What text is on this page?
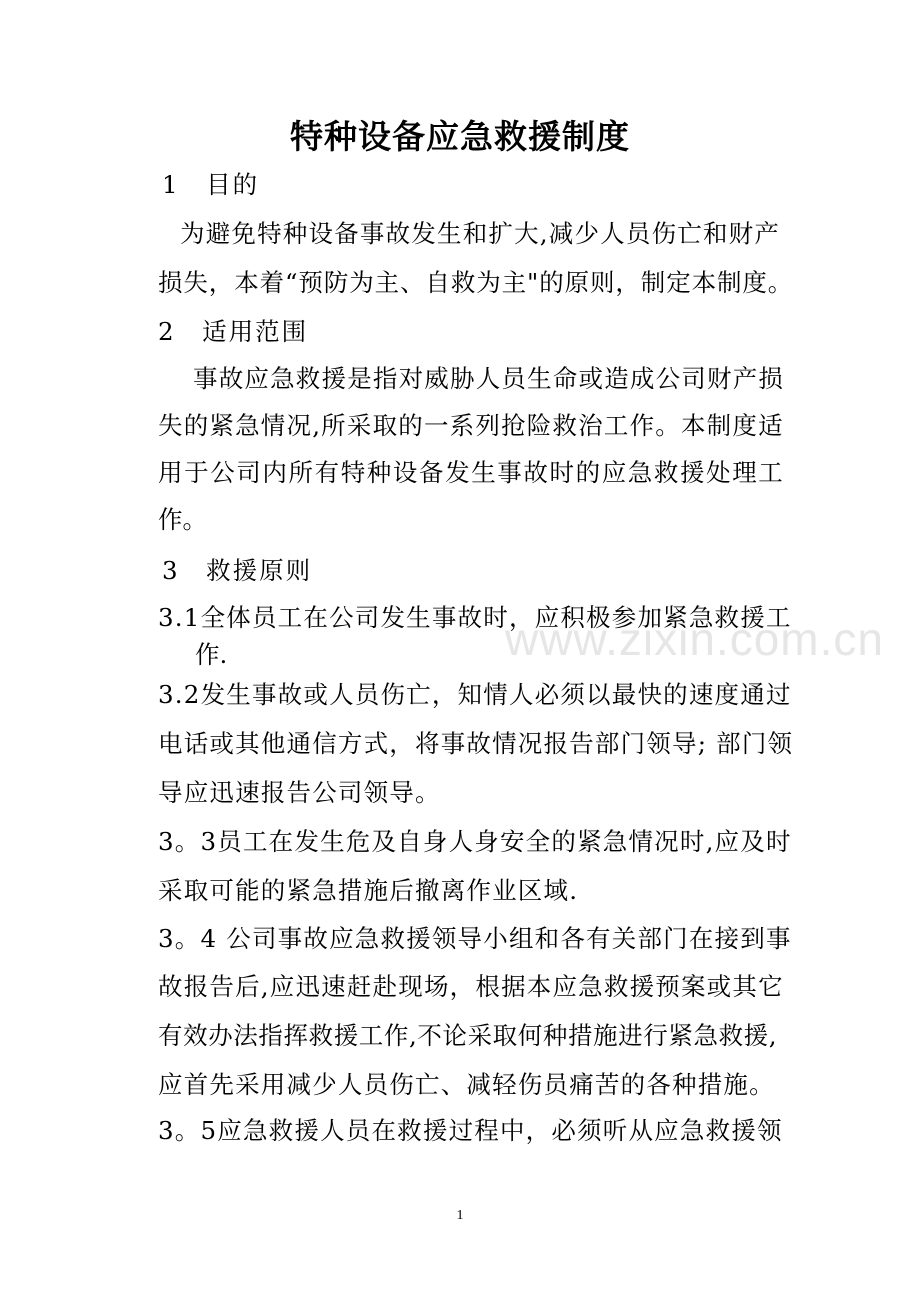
www.zixin.com.cn
特种设备应急救援制度
1　目的
为避免特种设备事故发生和扩大,减少人员伤亡和财产
损失，本着“预防为主、自救为主"的原则，制定本制度。
2　适用范围
事故应急救援是指对威胁人员生命或造成公司财产损
失的紧急情况,所采取的一系列抢险救治工作。本制度适
用于公司内所有特种设备发生事故时的应急救援处理工
作。
3　救援原则
3.1全体员工在公司发生事故时，应积极参加紧急救援工
作.
3.2发生事故或人员伤亡，知情人必须以最快的速度通过
电话或其他通信方式，将事故情况报告部门领导; 部门领
导应迅速报告公司领导。
3。3员工在发生危及自身人身安全的紧急情况时,应及时
采取可能的紧急措施后撤离作业区域.
3。4 公司事故应急救援领导小组和各有关部门在接到事
故报告后,应迅速赶赴现场，根据本应急救援预案或其它
有效办法指挥救援工作,不论采取何种措施进行紧急救援,
应首先采用减少人员伤亡、减轻伤员痛苦的各种措施。
3。5应急救援人员在救援过程中，必须听从应急救援领
1
